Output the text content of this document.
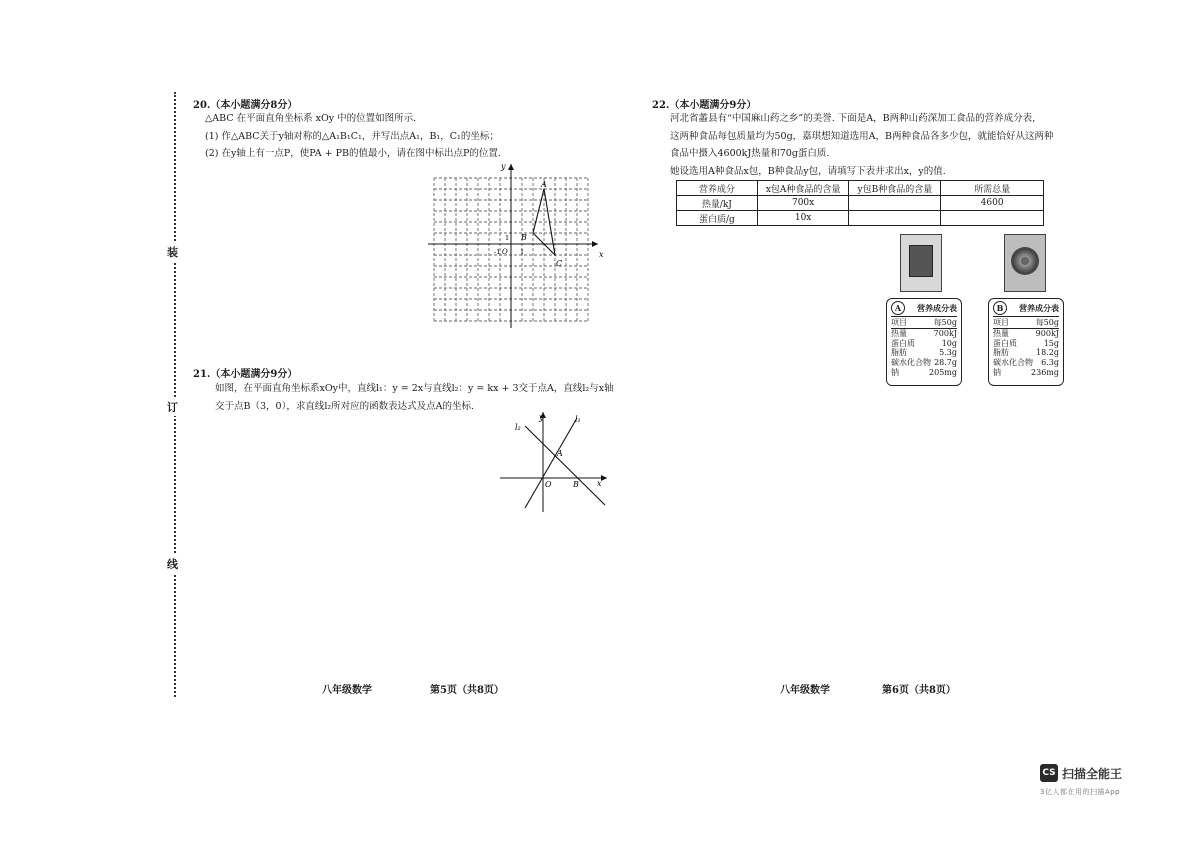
装
订
线
20.（本小题满分8分）
△ABC 在平面直角坐标系 xOy 中的位置如图所示.
(1) 作△ABC关于y轴对称的△A₁B₁C₁，并写出点A₁，B₁，C₁的坐标；
(2) 在y轴上有一点P，使PA + PB的值最小，请在图中标出点P的位置.
x
y
A
B
C
O
-1	1
1
21.（本小题满分9分）
如图，在平面直角坐标系xOy中，直线l₁：y = 2x与直线l₂：y = kx + 3交于点A，直线l₂与x轴
交于点B（3，0），求直线l₂所对应的函数表达式及点A的坐标.
y
x
l₂
l₁
A
B
O
22.（本小题满分9分）
河北省蠡县有“中国麻山药之乡”的美誉. 下面是A，B两种山药深加工食品的营养成分表，
这两种食品每包质量均为50g，嘉琪想知道选用A，B两种食品各多少包，就能恰好从这两种
食品中摄入4600kJ热量和70g蛋白质.
她设选用A种食品x包，B种食品y包，请填写下表并求出x，y的值.
营养成分	x包A种食品的含量	y包B种食品的含量	所需总量
热量/kJ	700x		4600
蛋白质/g	10x		
A	营养成分表
项目	每50g
热量	700kJ
蛋白质	10g
脂肪	5.3g
碳水化合物 28.7g
钠	205mg
B	营养成分表
项目	每50g
热量	900kJ
蛋白质	15g
脂肪	18.2g
碳水化合物 6.3g
钠	236mg
八年级数学	第5页（共8页）	八年级数学	第6页（共8页）
CS 扫描全能王
3亿人都在用的扫描App
